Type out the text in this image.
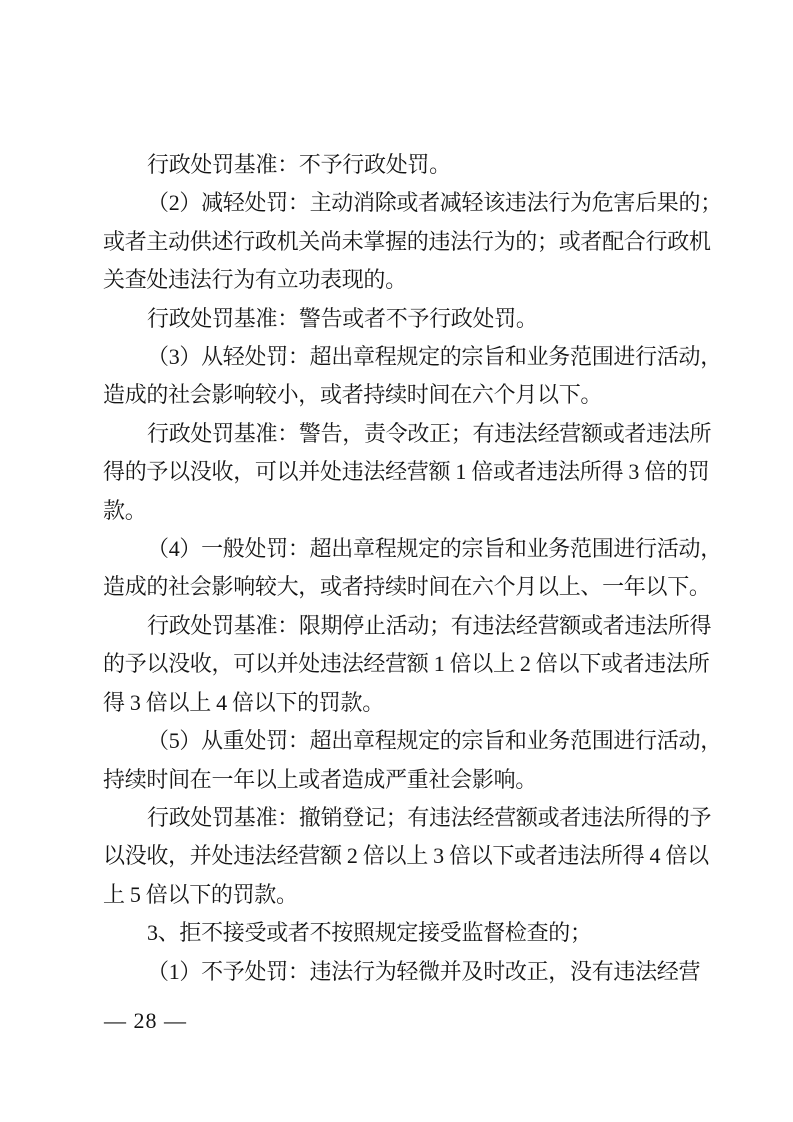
行政处罚基准：不予行政处罚。
（2）减轻处罚：主动消除或者减轻该违法行为危害后果的；
或者主动供述行政机关尚未掌握的违法行为的；或者配合行政机
关查处违法行为有立功表现的。
行政处罚基准：警告或者不予行政处罚。
（3）从轻处罚：超出章程规定的宗旨和业务范围进行活动，
造成的社会影响较小，或者持续时间在六个月以下。
行政处罚基准：警告，责令改正；有违法经营额或者违法所
得的予以没收，可以并处违法经营额 1 倍或者违法所得 3 倍的罚
款。
（4）一般处罚：超出章程规定的宗旨和业务范围进行活动，
造成的社会影响较大，或者持续时间在六个月以上、一年以下。
行政处罚基准：限期停止活动；有违法经营额或者违法所得
的予以没收，可以并处违法经营额 1 倍以上 2 倍以下或者违法所
得 3 倍以上 4 倍以下的罚款。
（5）从重处罚：超出章程规定的宗旨和业务范围进行活动，
持续时间在一年以上或者造成严重社会影响。
行政处罚基准：撤销登记；有违法经营额或者违法所得的予
以没收，并处违法经营额 2 倍以上 3 倍以下或者违法所得 4 倍以
上 5 倍以下的罚款。
3、拒不接受或者不按照规定接受监督检查的；
（1）不予处罚：违法行为轻微并及时改正，没有违法经营
— 28 —
